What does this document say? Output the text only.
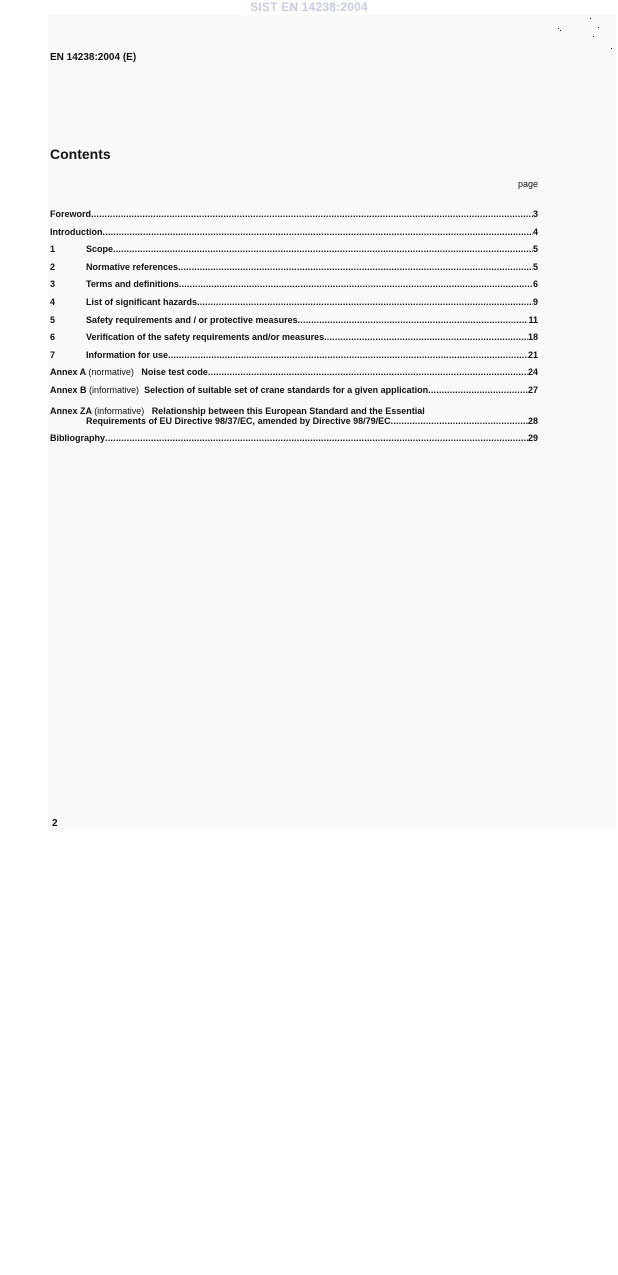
SIST EN 14238:2004
EN 14238:2004 (E)
Contents
page
Foreword .....	3
Introduction .....	4
1	Scope .....	5
2	Normative references .....	5
3	Terms and definitions .....	6
4	List of significant hazards .....	9
5	Safety requirements and / or protective measures .....	11
6	Verification of the safety requirements and/or measures .....	18
7	Information for use .....	21
Annex A (normative) Noise test code .....	24
Annex B (informative) Selection of suitable set of crane standards for a given application .....	27
Annex ZA (informative) Relationship between this European Standard and the Essential
Requirements of EU Directive 98/37/EC, amended by Directive 98/79/EC .....	28
Bibliography .....	29
2
